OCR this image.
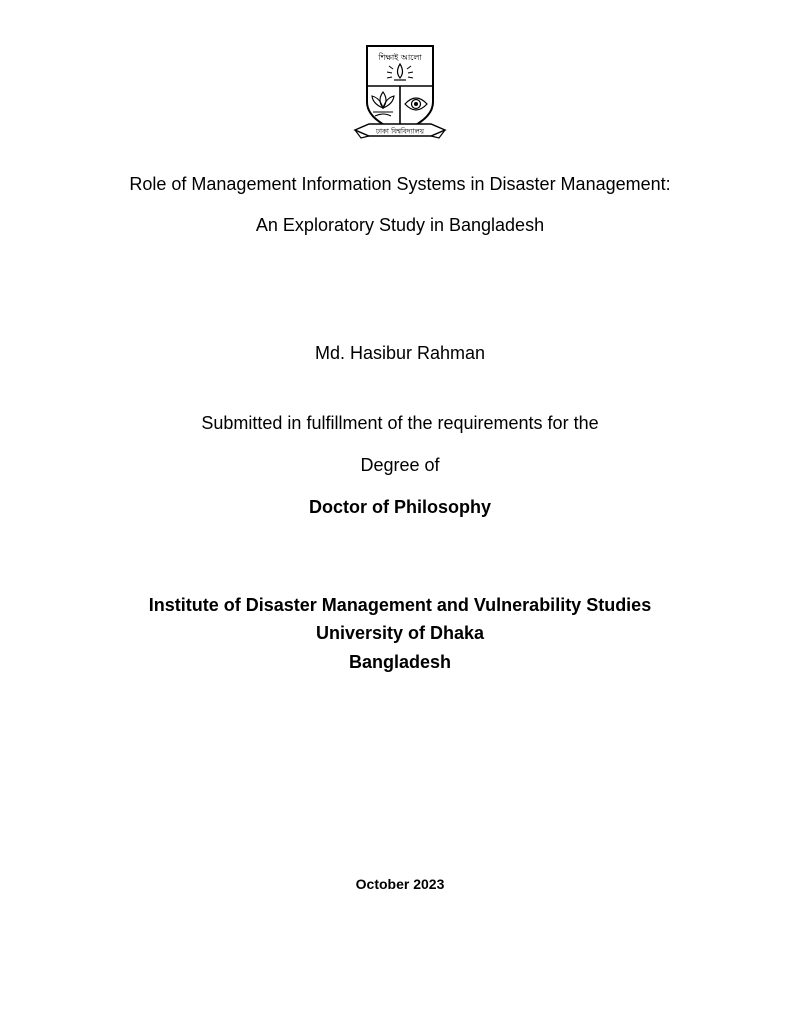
শিক্ষাই আলো
ঢাকা বিশ্ববিদ্যালয়
Role of Management Information Systems in Disaster Management:
An Exploratory Study in Bangladesh
Md. Hasibur Rahman
Submitted in fulfillment of the requirements for the
Degree of
Doctor of Philosophy
Institute of Disaster Management and Vulnerability Studies
University of Dhaka
Bangladesh
October 2023
